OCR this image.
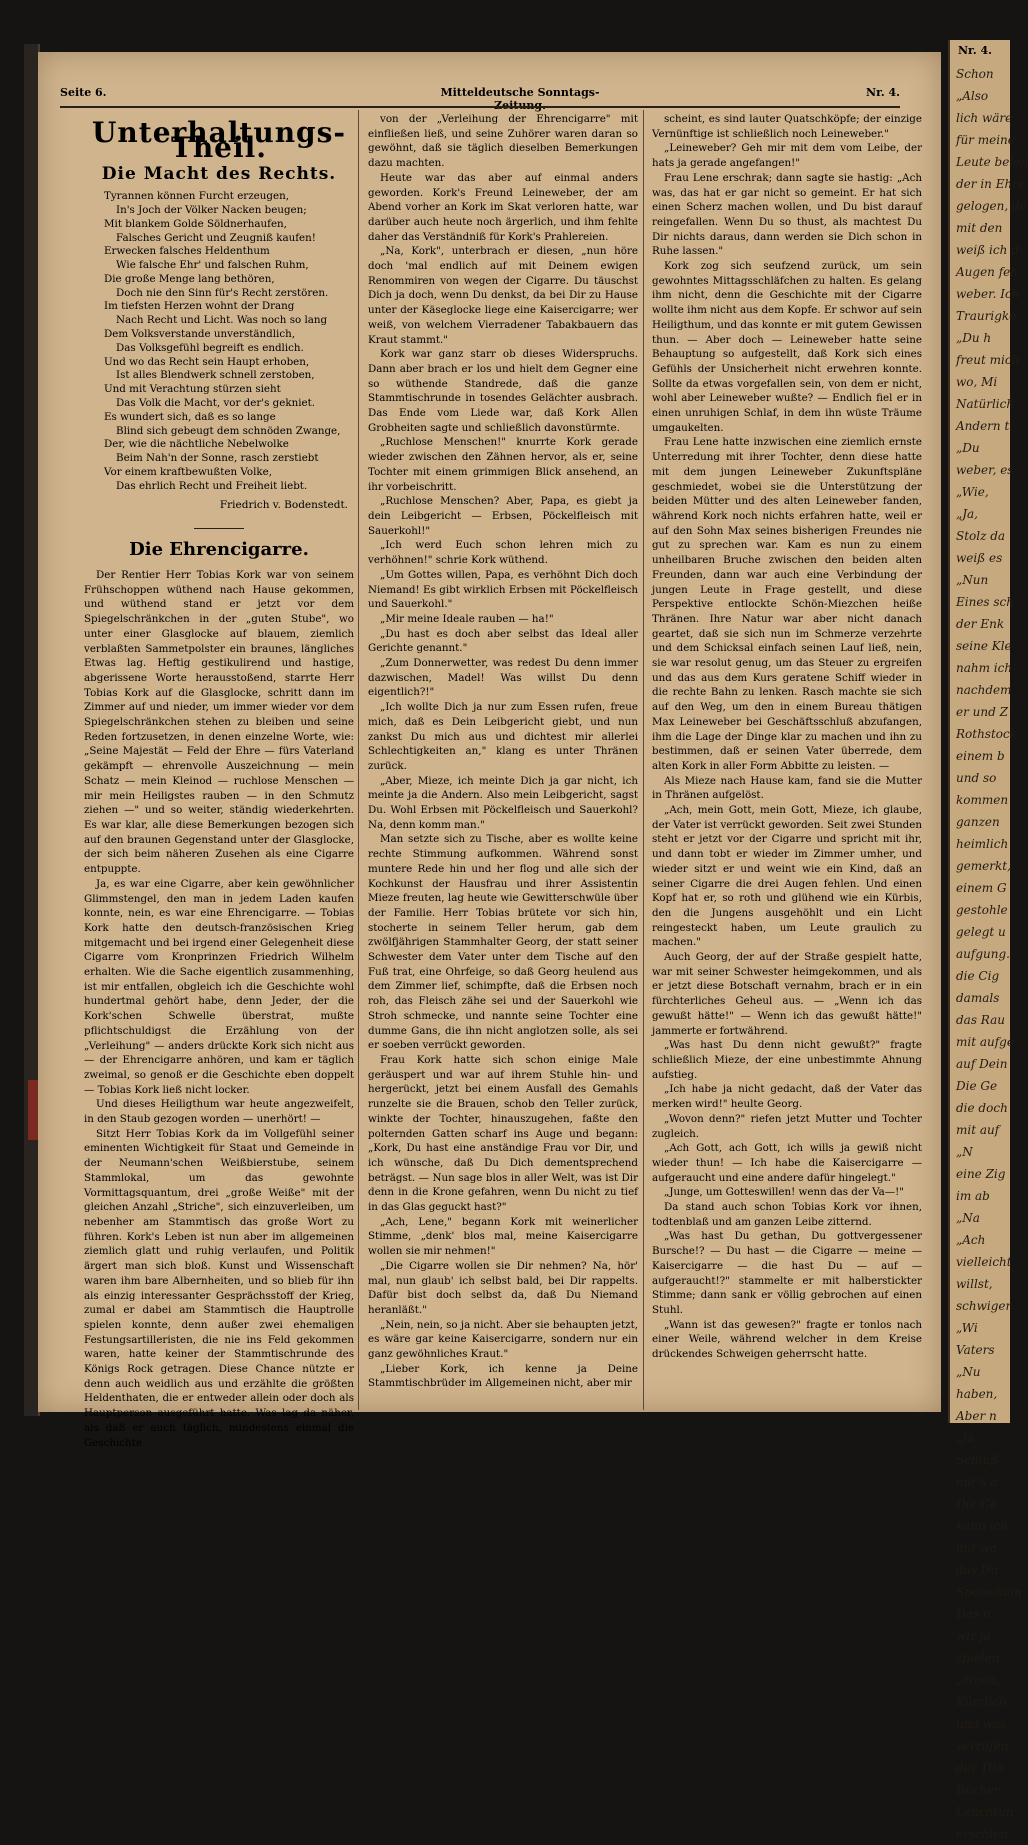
Seite 6.	Mitteldeutsche Sonntags-	Nr. 4.
Unterhaltungs-Theil.
Die Macht des Rechts.
Tyrannen können Furcht erzeugen,
In's Joch der Völker Nacken beugen;
Mit blankem Golde Söldnerhaufen,
Falsches Gericht und Zeugniß kaufen!
Erwecken falsches Heldenthum
Wie falsche Ehr' und falschen Ruhm,
Die große Menge lang bethören,
Doch nie den Sinn für's Recht zerstören.
Im tiefsten Herzen wohnt der Drang
Nach Recht und Licht. Was noch so lang
Dem Volksverstande unverständlich,
Das Volksgefühl begreift es endlich.
Und wo das Recht sein Haupt erhoben,
Ist alles Blendwerk schnell zerstoben,
Und mit Verachtung stürzen sieht
Das Volk die Macht, vor der's gekniet.
Es wundert sich, daß es so lange
Blind sich gebeugt dem schnöden Zwange,
Der, wie die nächtliche Nebelwolke
Beim Nah'n der Sonne, rasch zerstiebt
Vor einem kraftbewußten Volke,
Das ehrlich Recht und Freiheit liebt.
Friedrich v. Bodenstedt.
Die Ehrencigarre.

Der Rentier Herr Tobias Kork war von seinem Frühschoppen wüthend nach Hause gekommen, und wüthend stand er jetzt vor dem Spiegelschränkchen in der „guten Stube", wo unter einer Glasglocke auf blauem, ziemlich verblaßten Sammetpolster ein braunes, längliches Etwas lag. Heftig gestikulirend und hastige, abgerissene Worte herausstoßend, starrte Herr Tobias Kork auf die Glasglocke, schritt dann im Zimmer auf und nieder, um immer wieder vor dem Spiegelschränkchen stehen zu bleiben und seine Reden fortzusetzen, in denen einzelne Worte, wie: „Seine Majestät — Feld der Ehre — fürs Vaterland gekämpft — ehrenvolle Auszeichnung — mein Schatz — mein Kleinod — ruchlose Menschen — mir mein Heiligstes rauben — in den Schmutz ziehen —" und so weiter, ständig wiederkehrten. Es war klar, alle diese Bemerkungen bezogen sich auf den braunen Gegenstand unter der Glasglocke, der sich beim näheren Zusehen als eine Cigarre entpuppte.

Ja, es war eine Cigarre, aber kein gewöhnlicher Glimmstengel, den man in jedem Laden kaufen konnte, nein, es war eine Ehrencigarre. — Tobias Kork hatte den deutsch-französischen Krieg mitgemacht und bei irgend einer Gelegenheit diese Cigarre vom Kronprinzen Friedrich Wilhelm erhalten. Wie die Sache eigentlich zusammenhing, ist mir entfallen, obgleich ich die Geschichte wohl hundertmal gehört habe, denn Jeder, der die Kork'schen Schwelle überstrat, mußte pflichtschuldigst die Erzählung von der „Verleihung" — anders drückte Kork sich nicht aus — der Ehrencigarre anhören, und kam er täglich zweimal, so genoß er die Geschichte eben doppelt — Tobias Kork ließ nicht locker.

Und dieses Heiligthum war heute angezweifelt, in den Staub gezogen worden — unerhört! —

Sitzt Herr Tobias Kork da im Vollgefühl seiner eminenten Wichtigkeit für Staat und Gemeinde in der Neumann'schen Weißbierstube, seinem Stammlokal, um das gewohnte Vormittagsquantum, drei „große Weiße" mit der gleichen Anzahl „Striche", sich einzuverleiben, um nebenher am Stammtisch das große Wort zu führen. Kork's Leben ist nun aber im allgemeinen ziemlich glatt und ruhig verlaufen, und Politik ärgert man sich bloß. Kunst und Wissenschaft waren ihm bare Albernheiten, und so blieb für ihn als einzig interessanter Gesprächsstoff der Krieg, zumal er dabei am Stammtisch die Hauptrolle spielen konnte, denn außer zwei ehemaligen Festungsartilleristen, die nie ins Feld gekommen waren, hatte keiner der Stammtischrunde des Königs Rock getragen. Diese Chance nützte er denn auch weidlich aus und erzählte die größten Heldenthaten, die er entweder allein oder doch als Hauptperson ausgeführt hatte. Was lag da näher, als daß er auch täglich, mindestens einmal die Geschichte

von der „Verleihung der Ehrencigarre" mit einfließen ließ, und seine Zuhörer waren daran so gewöhnt, daß sie täglich dieselben Bemerkungen dazu machten.

Heute war das aber auf einmal anders geworden. Kork's Freund Leineweber, der am Abend vorher an Kork im Skat verloren hatte, war darüber auch heute noch ärgerlich, und ihm fehlte daher das Verständniß für Kork's Prahlereien.

„Na, Kork", unterbrach er diesen, „nun höre doch 'mal endlich auf mit Deinem ewigen Renommiren von wegen der Cigarre. Du täuschst Dich ja doch, wenn Du denkst, da bei Dir zu Hause unter der Käseglocke liege eine Kaisercigarre; wer weiß, von welchem Vierradener Tabakbauern das Kraut stammt."

Kork war ganz starr ob dieses Widerspruchs. Dann aber brach er los und hielt dem Gegner eine so wüthende Standrede, daß die ganze Stammtischrunde in tosendes Gelächter ausbrach. Das Ende vom Liede war, daß Kork Allen Grobheiten sagte und schließlich davonstürmte.

„Ruchlose Menschen!" knurrte Kork gerade wieder zwischen den Zähnen hervor, als er, seine Tochter mit einem grimmigen Blick ansehend, an ihr vorbeischritt.

„Ruchlose Menschen? Aber, Papa, es giebt ja dein Leibgericht — Erbsen, Pöckelfleisch mit Sauerkohl!"

„Ich werd Euch schon lehren mich zu verhöhnen!" schrie Kork wüthend.

„Um Gottes willen, Papa, es verhöhnt Dich doch Niemand! Es gibt wirklich Erbsen mit Pöckelfleisch und Sauerkohl."

„Mir meine Ideale rauben — ha!"

„Du hast es doch aber selbst das Ideal aller Gerichte genannt."

„Zum Donnerwetter, was redest Du denn immer dazwischen, Madel! Was willst Du denn eigentlich?!"

„Ich wollte Dich ja nur zum Essen rufen, freue mich, daß es Dein Leibgericht giebt, und nun zankst Du mich aus und dichtest mir allerlei Schlechtigkeiten an," klang es unter Thränen zurück.

„Aber, Mieze, ich meinte Dich ja gar nicht, ich meinte ja die Andern. Also mein Leibgericht, sagst Du. Wohl Erbsen mit Pöckelfleisch und Sauerkohl? Na, denn komm man."

Man setzte sich zu Tische, aber es wollte keine rechte Stimmung aufkommen. Während sonst muntere Rede hin und her flog und alle sich der Kochkunst der Hausfrau und ihrer Assistentin Mieze freuten, lag heute wie Gewitterschwüle über der Familie. Herr Tobias brütete vor sich hin, stocherte in seinem Teller herum, gab dem zwölfjährigen Stammhalter Georg, der statt seiner Schwester dem Vater unter dem Tische auf den Fuß trat, eine Ohrfeige, so daß Georg heulend aus dem Zimmer lief, schimpfte, daß die Erbsen noch roh, das Fleisch zähe sei und der Sauerkohl wie Stroh schmecke, und nannte seine Tochter eine dumme Gans, die ihn nicht anglotzen solle, als sei er soeben verrückt geworden.

Frau Kork hatte sich schon einige Male geräuspert und war auf ihrem Stuhle hin- und hergerückt, jetzt bei einem Ausfall des Gemahls runzelte sie die Brauen, schob den Teller zurück, winkte der Tochter, hinauszugehen, faßte den polternden Gatten scharf ins Auge und begann: „Kork, Du hast eine anständige Frau vor Dir, und ich wünsche, daß Du Dich dementsprechend beträgst. — Nun sage blos in aller Welt, was ist Dir denn in die Krone gefahren, wenn Du nicht zu tief in das Glas geguckt hast?"

„Ach, Lene," begann Kork mit weinerlicher Stimme, „denk' blos mal, meine Kaisercigarre wollen sie mir nehmen!"

„Die Cigarre wollen sie Dir nehmen? Na, hör' mal, nun glaub' ich selbst bald, bei Dir rappelts. Dafür bist doch selbst da, daß Du Niemand heranläßt."

„Nein, nein, so ja nicht. Aber sie behaupten jetzt, es wäre gar keine Kaisercigarre, sondern nur ein ganz gewöhnliches Kraut."

„Lieber Kork, ich kenne ja Deine Stammtischbrüder im Allgemeinen nicht, aber mir

scheint, es sind lauter Quatschköpfe; der einzige Vernünftige ist schließlich noch Leineweber."

„Leineweber? Geh mir mit dem vom Leibe, der hats ja gerade angefangen!"

Frau Lene erschrak; dann sagte sie hastig: „Ach was, das hat er gar nicht so gemeint. Er hat sich einen Scherz machen wollen, und Du bist darauf reingefallen. Wenn Du so thust, als machtest Du Dir nichts daraus, dann werden sie Dich schon in Ruhe lassen."

Kork zog sich seufzend zurück, um sein gewohntes Mittagsschläfchen zu halten. Es gelang ihm nicht, denn die Geschichte mit der Cigarre wollte ihm nicht aus dem Kopfe. Er schwor auf sein Heiligthum, und das konnte er mit gutem Gewissen thun. — Aber doch — Leineweber hatte seine Behauptung so aufgestellt, daß Kork sich eines Gefühls der Unsicherheit nicht erwehren konnte. Sollte da etwas vorgefallen sein, von dem er nicht, wohl aber Leineweber wußte? — Endlich fiel er in einen unruhigen Schlaf, in dem ihn wüste Träume umgaukelten.

Frau Lene hatte inzwischen eine ziemlich ernste Unterredung mit ihrer Tochter, denn diese hatte mit dem jungen Leineweber Zukunftspläne geschmiedet, wobei sie die Unterstützung der beiden Mütter und des alten Leineweber fanden, während Kork noch nichts erfahren hatte, weil er auf den Sohn Max seines bisherigen Freundes nie gut zu sprechen war. Kam es nun zu einem unheilbaren Bruche zwischen den beiden alten Freunden, dann war auch eine Verbindung der jungen Leute in Frage gestellt, und diese Perspektive entlockte Schön-Miezchen heiße Thränen. Ihre Natur war aber nicht danach geartet, daß sie sich nun im Schmerze verzehrte und dem Schicksal einfach seinen Lauf ließ, nein, sie war resolut genug, um das Steuer zu ergreifen und das aus dem Kurs geratene Schiff wieder in die rechte Bahn zu lenken. Rasch machte sie sich auf den Weg, um den in einem Bureau thätigen Max Leineweber bei Geschäftsschluß abzufangen, ihm die Lage der Dinge klar zu machen und ihn zu bestimmen, daß er seinen Vater überrede, dem alten Kork in aller Form Abbitte zu leisten. —

Als Mieze nach Hause kam, fand sie die Mutter in Thränen aufgelöst.

„Ach, mein Gott, mein Gott, Mieze, ich glaube, der Vater ist verrückt geworden. Seit zwei Stunden steht er jetzt vor der Cigarre und spricht mit ihr, und dann tobt er wieder im Zimmer umher, und wieder sitzt er und weint wie ein Kind, daß an seiner Cigarre die drei Augen fehlen. Und einen Kopf hat er, so roth und glühend wie ein Kürbis, den die Jungens ausgehöhlt und ein Licht reingesteckt haben, um Leute graulich zu machen."

Auch Georg, der auf der Straße gespielt hatte, war mit seiner Schwester heimgekommen, und als er jetzt diese Botschaft vernahm, brach er in ein fürchterliches Geheul aus. — „Wenn ich das gewußt hätte!" — Wenn ich das gewußt hätte!" jammerte er fortwährend.

„Was hast Du denn nicht gewußt?" fragte schließlich Mieze, der eine unbestimmte Ahnung aufstieg.

„Ich habe ja nicht gedacht, daß der Vater das merken wird!" heulte Georg.

„Wovon denn?" riefen jetzt Mutter und Tochter zugleich.

„Ach Gott, ach Gott, ich wills ja gewiß nicht wieder thun! — Ich habe die Kaisercigarre — aufgeraucht und eine andere dafür hingelegt."

„Junge, um Gotteswillen! wenn das der Va—!"

Da stand auch schon Tobias Kork vor ihnen, todtenblaß und am ganzen Leibe zitternd.

„Was hast Du gethan, Du gottvergessener Bursche!? — Du hast — die Cigarre — meine — Kaisercigarre — die hast Du — auf — aufgeraucht!?" stammelte er mit halberstickter Stimme; dann sank er völlig gebrochen auf einen Stuhl.

„Wann ist das gewesen?" fragte er tonlos nach einer Weile, während welcher in dem Kreise drückendes Schweigen geherrscht hatte.

Nr. 4.

Schon

„Also

lich wäre

für meine

Leute belog

der in Ehre

gelogen, de

mit den

weiß ich d

Augen feh

weber. Ich

Traurigke

„Du h

freut mich

wo, Mi

Natürlich

Andern t

„Du

weber, es

„Wie,

„Ja,

Stolz da

weiß es

„Nun

Eines sch

der Enk

seine Kle

nahm ich

nachdem

er und Z

Rothstock

einem b

und so

kommen

ganzen

heimlich

gemerkt,

einem G

gestohle

gelegt u

aufgung.

die Cig

damals

das Rau

mit aufge

auf Dein

Die Ge

die doch

mit auf

„N

eine Zig

im ab

„Na

„Ach

vielleicht

willst,

schwiger

„Wi

Vaters

„Nu

haben,

Aber n

„Ja

Schluß

mir's a

Die Ge

kann ich

mit wa

das Du

Speisekam

Das n

wir ja

spielen

„einen,

Kürzlich

und was

verrufen

der Tite

Bücher

Leuchtun

erschien
